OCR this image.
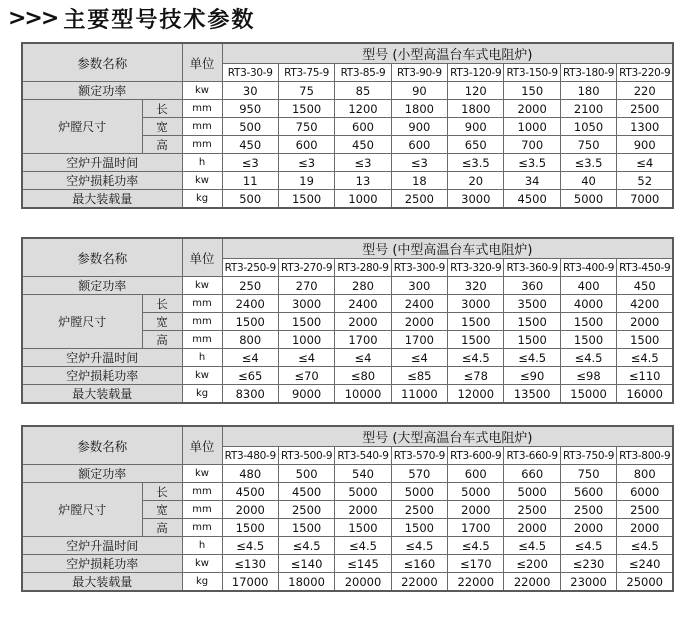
>>> 主要型号技术参数
参数名称		单位	型号 (小型高温台车式电阻炉)							
			RT3-30-9	RT3-75-9	RT3-85-9	RT3-90-9	RT3-120-9	RT3-150-9	RT3-180-9	RT3-220-9
额定功率		kw	30	75	85	90	120	150	180	220
炉膛尺寸	长	mm	950	1500	1200	1800	1800	2000	2100	2500
	宽	mm	500	750	600	900	900	1000	1050	1300
	高	mm	450	600	450	600	650	700	750	900
空炉升温时间		h	≤3	≤3	≤3	≤3	≤3.5	≤3.5	≤3.5	≤4
空炉损耗功率		kw	11	19	13	18	20	34	40	52
最大装载量		kg	500	1500	1000	2500	3000	4500	5000	7000
参数名称		单位	型号 (中型高温台车式电阻炉)							
			RT3-250-9	RT3-270-9	RT3-280-9	RT3-300-9	RT3-320-9	RT3-360-9	RT3-400-9	RT3-450-9
额定功率		kw	250	270	280	300	320	360	400	450
炉膛尺寸	长	mm	2400	3000	2400	2400	3000	3500	4000	4200
	宽	mm	1500	1500	2000	2000	1500	1500	1500	2000
	高	mm	800	1000	1700	1700	1500	1500	1500	1500
空炉升温时间		h	≤4	≤4	≤4	≤4	≤4.5	≤4.5	≤4.5	≤4.5
空炉损耗功率		kw	≤65	≤70	≤80	≤85	≤78	≤90	≤98	≤110
最大装载量		kg	8300	9000	10000	11000	12000	13500	15000	16000
参数名称		单位	型号 (大型高温台车式电阻炉)							
			RT3-480-9	RT3-500-9	RT3-540-9	RT3-570-9	RT3-600-9	RT3-660-9	RT3-750-9	RT3-800-9
额定功率		kw	480	500	540	570	600	660	750	800
炉膛尺寸	长	mm	4500	4500	5000	5000	5000	5000	5600	6000
	宽	mm	2000	2500	2000	2500	2000	2500	2500	2500
	高	mm	1500	1500	1500	1500	1700	2000	2000	2000
空炉升温时间		h	≤4.5	≤4.5	≤4.5	≤4.5	≤4.5	≤4.5	≤4.5	≤4.5
空炉损耗功率		kw	≤130	≤140	≤145	≤160	≤170	≤200	≤230	≤240
最大装载量		kg	17000	18000	20000	22000	22000	22000	23000	25000
